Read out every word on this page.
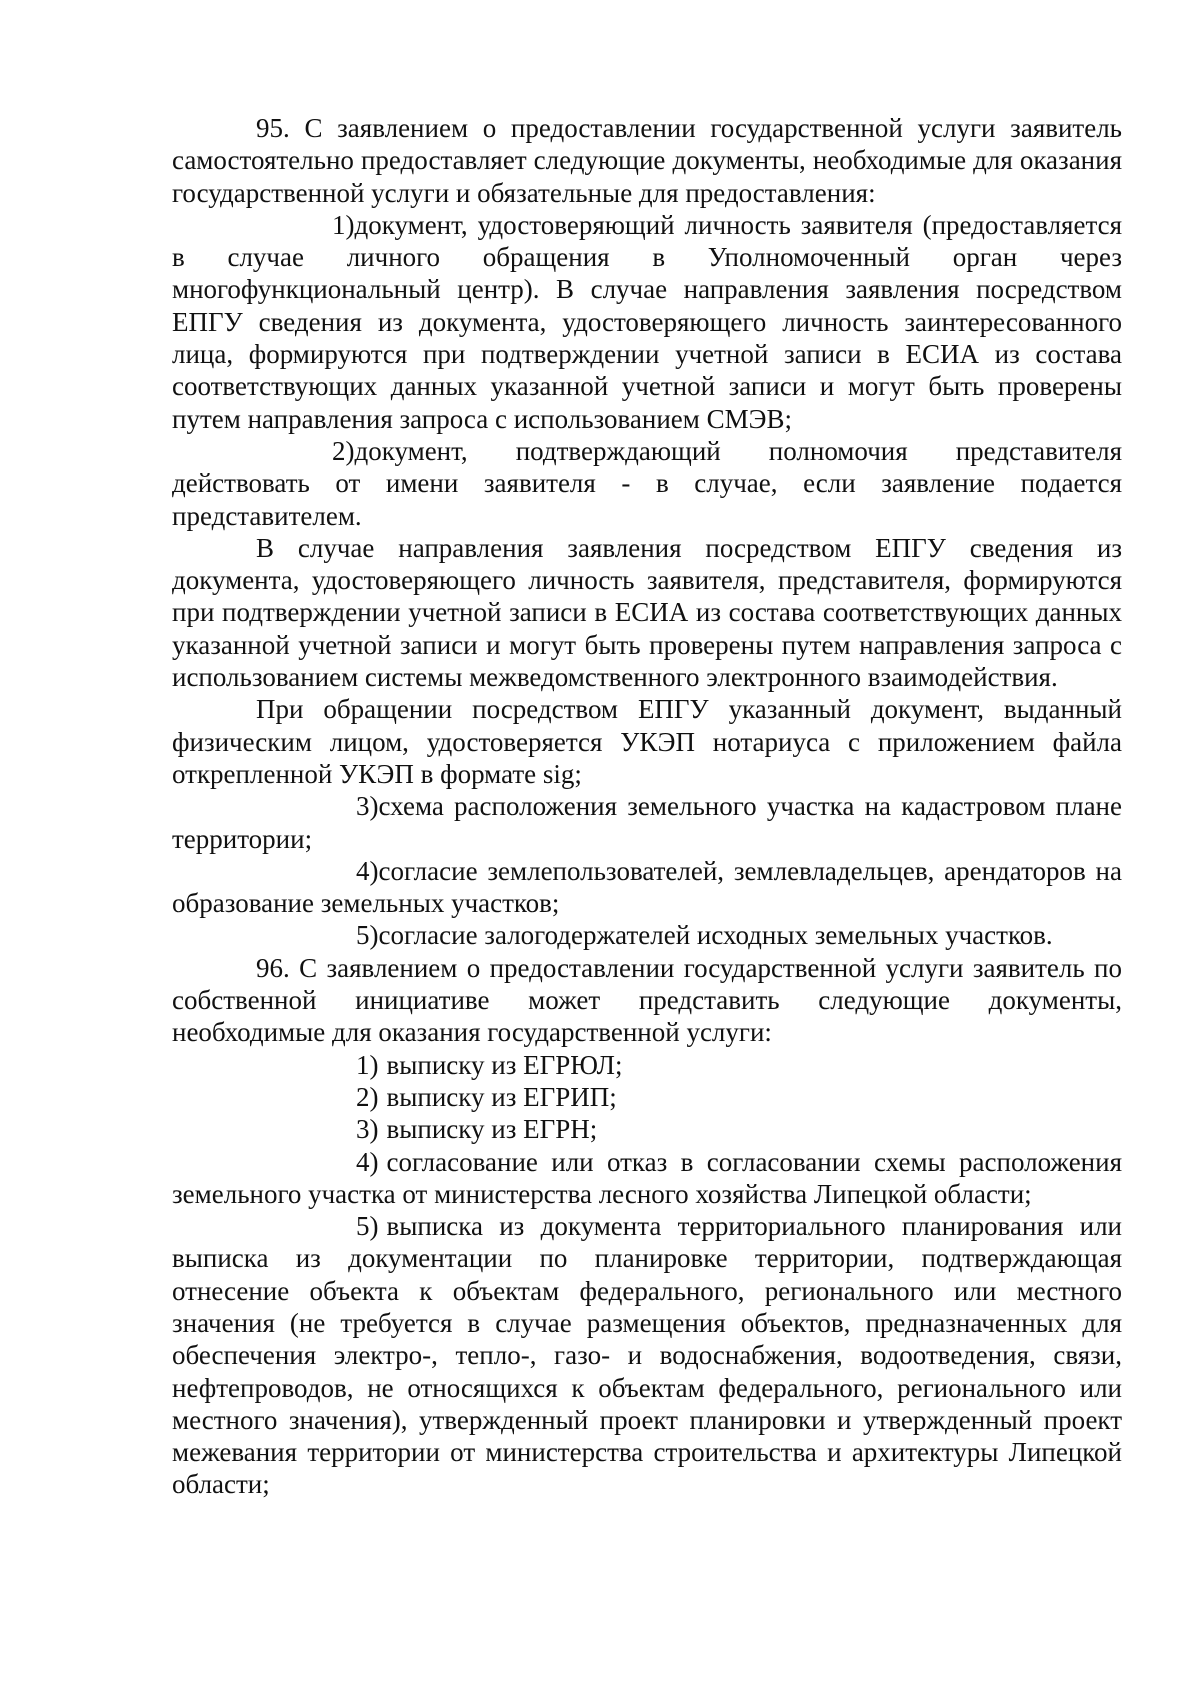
95. С заявлением о предоставлении государственной услуги заявитель самостоятельно предоставляет следующие документы, необходимые для оказания государственной услуги и обязательные для предоставления:

1)документ, удостоверяющий личность заявителя (предоставляется в случае личного обращения в Уполномоченный орган через многофункциональный центр). В случае направления заявления посредством ЕПГУ сведения из документа, удостоверяющего личность заинтересованного лица, формируются при подтверждении учетной записи в ЕСИА из состава соответствующих данных указанной учетной записи и могут быть проверены путем направления запроса с использованием СМЭВ;

2)документ, подтверждающий полномочия представителя действовать от имени заявителя - в случае, если заявление подается представителем.

В случае направления заявления посредством ЕПГУ сведения из документа, удостоверяющего личность заявителя, представителя, формируются при подтверждении учетной записи в ЕСИА из состава соответствующих данных указанной учетной записи и могут быть проверены путем направления запроса с использованием системы межведомственного электронного взаимодействия.

При обращении посредством ЕПГУ указанный документ, выданный физическим лицом, удостоверяется УКЭП нотариуса с приложением файла открепленной УКЭП в формате sig;

3)схема расположения земельного участка на кадастровом плане территории;

4)согласие землепользователей, землевладельцев, арендаторов на образование земельных участков;

5)согласие залогодержателей исходных земельных участков.

96. С заявлением о предоставлении государственной услуги заявитель по собственной инициативе может представить следующие документы, необходимые для оказания государственной услуги:

1) выписку из ЕГРЮЛ;

2) выписку из ЕГРИП;

3) выписку из ЕГРН;

4) согласование или отказ в согласовании схемы расположения земельного участка от министерства лесного хозяйства Липецкой области;

5) выписка из документа территориального планирования или выписка из документации по планировке территории, подтверждающая отнесение объекта к объектам федерального, регионального или местного значения (не требуется в случае размещения объектов, предназначенных для обеспечения электро-, тепло-, газо- и водоснабжения, водоотведения, связи, нефтепроводов, не относящихся к объектам федерального, регионального или местного значения), утвержденный проект планировки и утвержденный проект межевания территории от министерства строительства и архитектуры Липецкой области;
